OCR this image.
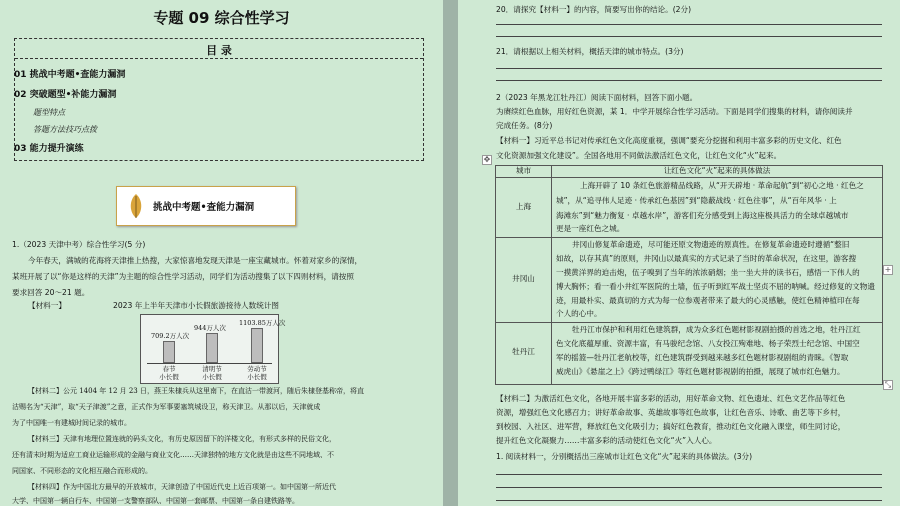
专题 09 综合性学习
目 录
01 挑战中考题•查能力漏洞
02 突破题型•补能力漏洞
题型特点
答题方法技巧点拨
03 能力提升演练
挑战中考题•查能力漏洞
1.（2023 天津中考）综合性学习(5 分)
今年春天，满城的花海将天津推上热搜，大家惊喜地发现天津是一座宝藏城市。怀着对家乡的深情，
某班开展了以“你是这样的天津”为主题的综合性学习活动，同学们为活动搜集了以下四则材料，请按照
要求回答 20～21 题。
【材料一】	2023 年上半年天津市小长假旅游接待人数统计图
709.2万人次
春节
小长假
944万人次
清明节
小长假
1103.85万人次
劳动节
小长假
【材料二】公元 1404 年 12 月 23 日，燕王朱棣兵从这里南下，在直沽一带渡河，随后朱棣登基称帝，将直
沽赐名为“天津”，取“天子津渡”之意，正式作为军事要塞筑城设卫，称天津卫。从那以后，天津就成
为了中国唯一有建城时间记录的城市。
【材料三】天津有地理位置连就的码头文化，有历史原因留下的洋楼文化，有形式多样的民俗文化，
还有清末时期为适应工商业运输形成的金融与商业文化……天津独特的地方文化就是由这些不同地域、不
同国家、不同形态的文化相互融合而形成的。
【材料四】作为中国北方最早的开放城市，天津创造了中国近代史上近百项第一。如中国第一所近代
大学、中国第一辆自行车、中国第一支警察部队、中国第一套邮票、中国第一条自建铁路等。
20．请探究【材料一】的内容，简要写出你的结论。(2分)
21．请根据以上相关材料，概括天津的城市特点。(3分)
2（2023 年黑龙江牡丹江）阅读下面材料，回答下面小题。
为赓续红色血脉，用好红色资源，某 1．中学开展综合性学习活动。下面是同学们搜集的材料，请你阅读并
完成任务。(8分)
【材料一】习近平总书记对传承红色文化高度重视，强调“要充分挖掘和利用丰富多彩的历史文化、红色
文化资源加强文化建设”。全国各地用不同做法激活红色文化，让红色文化“火”起来。
✥
城市	让红色文化“火”起来的具体做法
上海
上海开辟了 10 条红色旅游精品线路，从“开天辟地 · 革命起航”到“初心之地 · 红色之
城”，从“追寻伟人足迹 · 传承红色基因”到“隐蔽战线 · 红色往事”，从“百年风华 · 上
海滩东”到“魅力衡复 · 卓越水岸”，游客们充分感受到上海这座极具活力的全球卓越城市
更是一座红色之城。
井冈山
井冈山修复革命遗迹，尽可能还原文物遗迹的原真性。在修复革命遗迹时遵循“整旧
如故，以存其真”的原则，井冈山以最真实的方式记录了当时的革命状况，在这里，游客搜
一摸黄洋界的迫击炮，伍子嗅到了当年的浓浓硝烟；坐一坐大井的读书石，感悟一下伟人的
博大胸怀；看一看小井红军医院的土墙，伍子听到红军战士坚贞不屈的呐喊。经过修复的文物遗
迹，用最朴实、最真切的方式为每一位参观者带来了最大的心灵感触，使红色精神植印在每
个人的心中。
牡丹江
牡丹江市保护和利用红色建筑群，成为众多红色题材影视剧拍摄的首选之地，牡丹江红
色文化底蕴厚重、资源丰富，有马骏纪念馆、八女投江殉难地、杨子荣烈士纪念馆、中国空
军的摇篮—牡丹江老航校等，红色建筑群受到越来越多红色题材影视剧组的青睐。《智取
威虎山》《悬崖之上》《跨过鸭绿江》等红色题材影视剧的拍摄，展现了城市红色魅力。
+
⤡
【材料二】为激活红色文化，各地开展丰富多彩的活动，用好革命文物、红色遗址、红色文艺作品等红色
资源，增强红色文化感召力；讲好革命故事、英雄故事等红色故事，让红色音乐、诗歌、曲艺等下乡村，
到校园、入社区、进军营，释放红色文化吸引力；搞好红色教育，推动红色文化融入课堂，师生同讨论，
提升红色文化凝聚力……丰富多彩的活动使红色文化“火”入人心。
1. 阅读材料一，分别概括出三座城市让红色文化“火”起来的具体做法。(3分)
